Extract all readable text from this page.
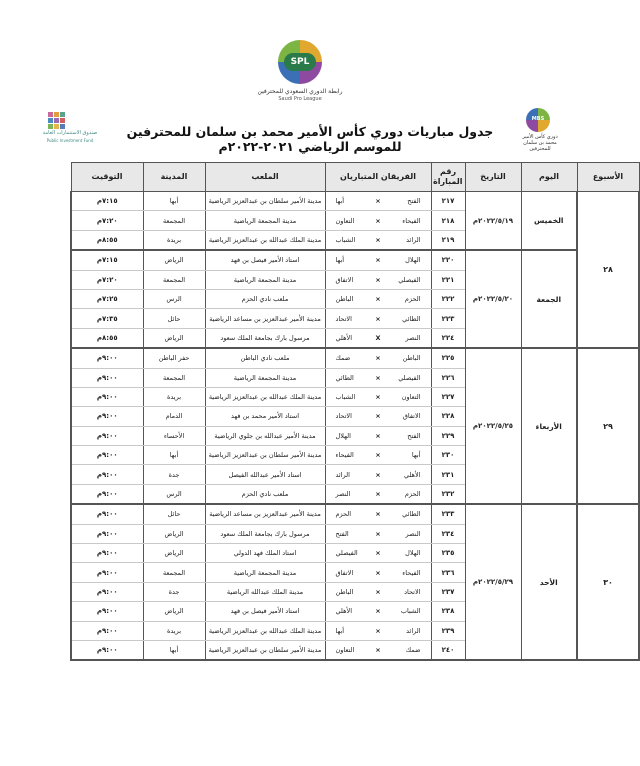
SPL
رابطة الدوري السعودي للمحترفين
Saudi Pro League
صندوق الاستثمارات العامة
Public Investment Fund
MBS
دوري كأس الأمير محمد بن سلمان للمحترفين
جدول مباريات دوري كأس الأمير محمد بن سلمان للمحترفين للموسم الرياضي ٢٠٢١-٢٠٢٢م
الأسبوع	اليوم	التاريخ	رقم المباراة	الفريقان المتباريان			الملعب	المدينة	التوقيت
٢٨	الخميس	٢٠٢٢/٥/١٩م	٢١٧	الفتح	×	أبها	مدينة الأمير سلطان بن عبدالعزيز الرياضية	أبها	٧:١٥م
			٢١٨	الفيحاء	×	التعاون	مدينة المجمعة الرياضية	المجمعة	٧:٢٠م
			٢١٩	الرائد	×	الشباب	مدينة الملك عبدالله بن عبدالعزيز الرياضية	بريدة	٨:٥٥م
	الجمعة	٢٠٢٢/٥/٢٠م	٢٢٠	الهلال	×	أبها	استاد الأمير فيصل بن فهد	الرياض	٧:١٥م
			٢٢١	الفيصلي	×	الاتفاق	مدينة المجمعة الرياضية	المجمعة	٧:٢٠م
			٢٢٢	الحزم	×	الباطن	ملعب نادي الحزم	الرس	٧:٢٥م
			٢٢٣	الطائي	×	الاتحاد	مدينة الأمير عبدالعزيز بن مساعد الرياضية	حائل	٧:٣٥م
			٢٢٤	النصر	X	الأهلي	مرسول بارك بجامعة الملك سعود	الرياض	٨:٥٥م
٢٩	الأربعاء	٢٠٢٢/٥/٢٥م	٢٢٥	الباطن	×	ضمك	ملعب نادي الباطن	حفر الباطن	٩:٠٠م
			٢٢٦	الفيصلي	×	الطائي	مدينة المجمعة الرياضية	المجمعة	٩:٠٠م
			٢٢٧	التعاون	×	الشباب	مدينة الملك عبدالله بن عبدالعزيز الرياضية	بريدة	٩:٠٠م
			٢٢٨	الاتفاق	×	الاتحاد	استاد الأمير محمد بن فهد	الدمام	٩:٠٠م
			٢٢٩	الفتح	×	الهلال	مدينة الأمير عبدالله بن جلوي الرياضية	الأحساء	٩:٠٠م
			٢٣٠	أبها	×	الفيحاء	مدينة الأمير سلطان بن عبدالعزيز الرياضية	أبها	٩:٠٠م
			٢٣١	الأهلي	×	الرائد	استاد الأمير عبدالله الفيصل	جدة	٩:٠٠م
			٢٣٢	الحزم	×	النصر	ملعب نادي الحزم	الرس	٩:٠٠م
٣٠	الأحد	٢٠٢٢/٥/٢٩م	٢٣٣	الطائي	×	الحزم	مدينة الأمير عبدالعزيز بن مساعد الرياضية	حائل	٩:٠٠م
			٢٣٤	النصر	×	الفتح	مرسول بارك بجامعة الملك سعود	الرياض	٩:٠٠م
			٢٣٥	الهلال	×	الفيصلي	استاد الملك فهد الدولي	الرياض	٩:٠٠م
			٢٣٦	الفيحاء	×	الاتفاق	مدينة المجمعة الرياضية	المجمعة	٩:٠٠م
			٢٣٧	الاتحاد	×	الباطن	مدينة الملك عبدالله الرياضية	جدة	٩:٠٠م
			٢٣٨	الشباب	×	الأهلي	استاد الأمير فيصل بن فهد	الرياض	٩:٠٠م
			٢٣٩	الرائد	×	أبها	مدينة الملك عبدالله بن عبدالعزيز الرياضية	بريدة	٩:٠٠م
			٢٤٠	ضمك	×	التعاون	مدينة الأمير سلطان بن عبدالعزيز الرياضية	أبها	٩:٠٠م
